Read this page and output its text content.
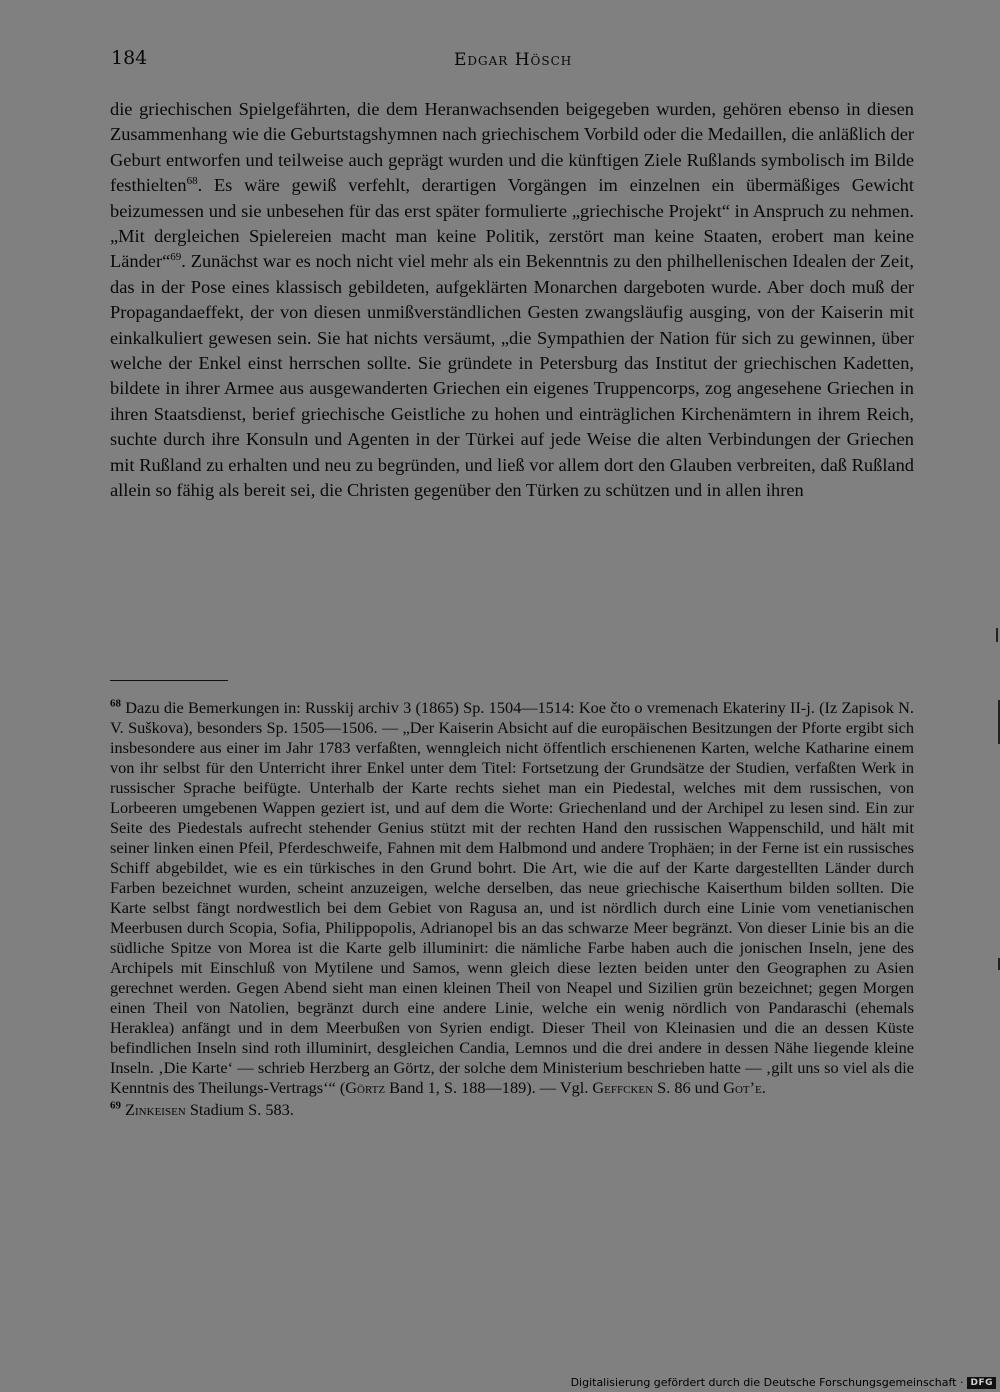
184	Edgar Hösch

die griechischen Spielgefährten, die dem Heranwachsenden beigegeben wurden, gehören ebenso in diesen Zusammenhang wie die Geburtstagshymnen nach griechischem Vorbild oder die Medaillen, die anläßlich der Geburt entworfen und teilweise auch geprägt wurden und die künftigen Ziele Rußlands symbolisch im Bilde festhielten$^{68}$. Es wäre gewiß verfehlt, derartigen Vorgängen im einzelnen ein übermäßiges Gewicht beizumessen und sie unbesehen für das erst später formulierte „griechische Projekt“ in Anspruch zu nehmen. „Mit dergleichen Spielereien macht man keine Politik, zerstört man keine Staaten, erobert man keine Länder“$^{69}$. Zunächst war es noch nicht viel mehr als ein Bekenntnis zu den philhellenischen Idealen der Zeit, das in der Pose eines klassisch gebildeten, aufgeklärten Monarchen dargeboten wurde. Aber doch muß der Propagandaeffekt, der von diesen unmißverständlichen Gesten zwangsläufig ausging, von der Kaiserin mit einkalkuliert gewesen sein. Sie hat nichts versäumt, „die Sympathien der Nation für sich zu gewinnen, über welche der Enkel einst herrschen sollte. Sie gründete in Petersburg das Institut der griechischen Kadetten, bildete in ihrer Armee aus ausgewanderten Griechen ein eigenes Truppencorps, zog angesehene Griechen in ihren Staatsdienst, berief griechische Geistliche zu hohen und einträglichen Kirchenämtern in ihrem Reich, suchte durch ihre Konsuln und Agenten in der Türkei auf jede Weise die alten Verbindungen der Griechen mit Rußland zu erhalten und neu zu begründen, und ließ vor allem dort den Glauben verbreiten, daß Rußland allein so fähig als bereit sei, die Christen gegenüber den Türken zu schützen und in allen ihren

$^{68}$ Dazu die Bemerkungen in: Russkij archiv 3 (1865) Sp. 1504—1514: Koe čto o vremenach Ekateriny II-j. (Iz Zapisok N. V. Suškova), besonders Sp. 1505—1506. — „Der Kaiserin Absicht auf die europäischen Besitzungen der Pforte ergibt sich insbesondere aus einer im Jahr 1783 verfaßten, wenngleich nicht öffentlich erschienenen Karten, welche Katharine einem von ihr selbst für den Unterricht ihrer Enkel unter dem Titel: Fortsetzung der Grundsätze der Studien, verfaßten Werk in russischer Sprache beifügte. Unterhalb der Karte rechts siehet man ein Piedestal, welches mit dem russischen, von Lorbeeren umgebenen Wappen geziert ist, und auf dem die Worte: Griechenland und der Archipel zu lesen sind. Ein zur Seite des Piedestals aufrecht stehender Genius stützt mit der rechten Hand den russischen Wappenschild, und hält mit seiner linken einen Pfeil, Pferdeschweife, Fahnen mit dem Halbmond und andere Trophäen; in der Ferne ist ein russisches Schiff abgebildet, wie es ein türkisches in den Grund bohrt. Die Art, wie die auf der Karte dargestellten Länder durch Farben bezeichnet wurden, scheint anzuzeigen, welche derselben, das neue griechische Kaiserthum bilden sollten. Die Karte selbst fängt nordwestlich bei dem Gebiet von Ragusa an, und ist nördlich durch eine Linie vom venetianischen Meerbusen durch Scopia, Sofia, Philippopolis, Adrianopel bis an das schwarze Meer begränzt. Von dieser Linie bis an die südliche Spitze von Morea ist die Karte gelb illuminirt: die nämliche Farbe haben auch die jonischen Inseln, jene des Archipels mit Einschluß von Mytilene und Samos, wenn gleich diese lezten beiden unter den Geographen zu Asien gerechnet werden. Gegen Abend sieht man einen kleinen Theil von Neapel und Sizilien grün bezeichnet; gegen Morgen einen Theil von Natolien, begränzt durch eine andere Linie, welche ein wenig nördlich von Pandaraschi (ehemals Heraklea) anfängt und in dem Meerbußen von Syrien endigt. Dieser Theil von Kleinasien und die an dessen Küste befindlichen Inseln sind roth illuminirt, desgleichen Candia, Lemnos und die drei andere in dessen Nähe liegende kleine Inseln. ‚Die Karte‘ — schrieb Herzberg an Görtz, der solche dem Ministerium beschrieben hatte — ‚gilt uns so viel als die Kenntnis des Theilungs-Vertrags‘“ (Görtz Band 1, S. 188—189). — Vgl. Geffcken S. 86 und Got’e.

$^{69}$ Zinkeisen Stadium S. 583.

Digitalisierung gefördert durch die Deutsche Forschungsgemeinschaft · DFG
